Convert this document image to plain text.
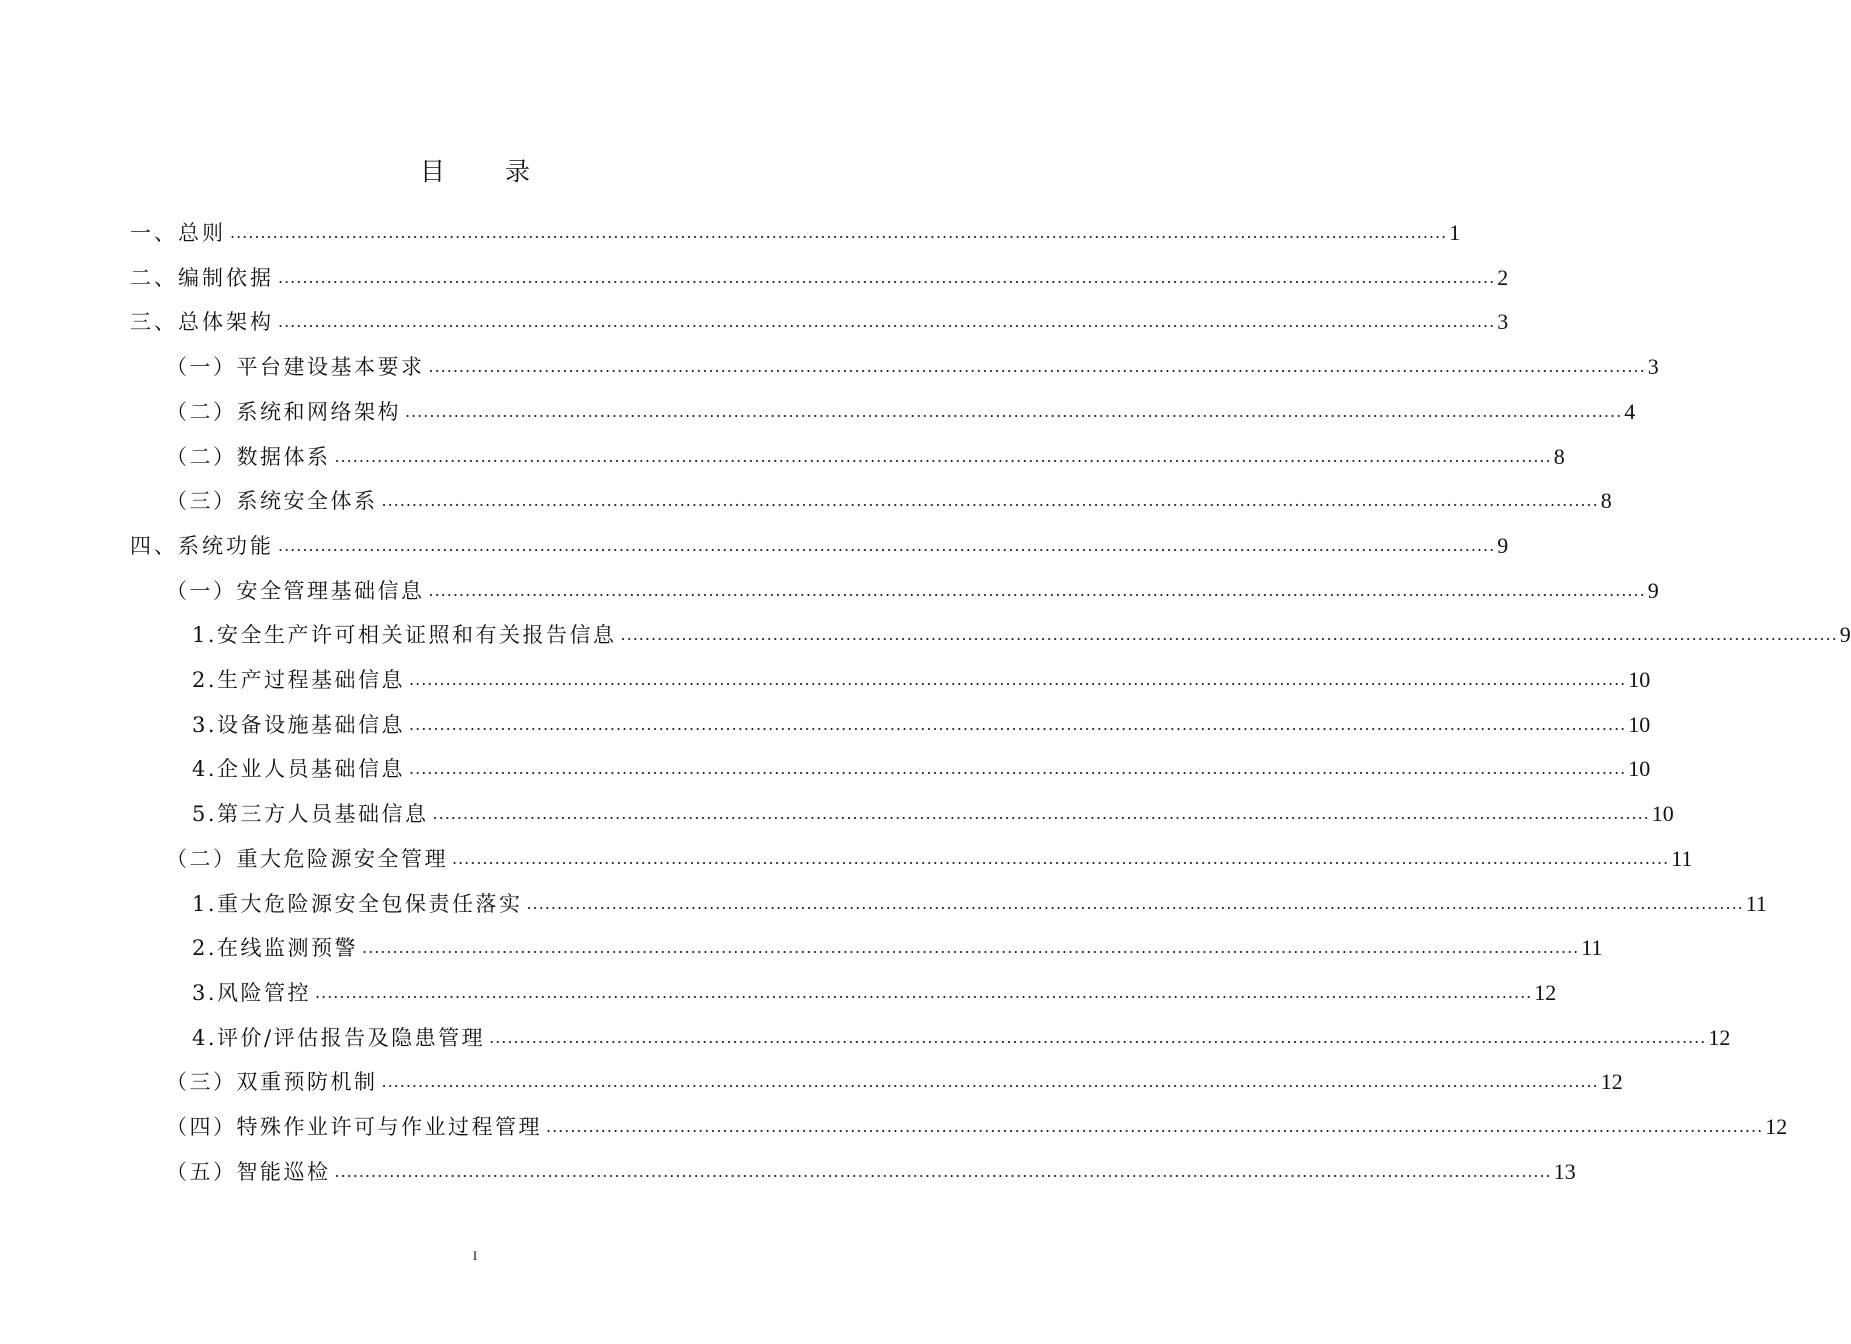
目 录
一、总则 ........................................................................................................................................................................................................ 1
二、编制依据 ........................................................................................................................................................................................................ 2
三、总体架构 ........................................................................................................................................................................................................ 3
（一）平台建设基本要求 ........................................................................................................................................................................................................ 3
（二）系统和网络架构 ........................................................................................................................................................................................................ 4
（二）数据体系 ........................................................................................................................................................................................................ 8
（三）系统安全体系 ........................................................................................................................................................................................................ 8
四、系统功能 ........................................................................................................................................................................................................ 9
（一）安全管理基础信息 ........................................................................................................................................................................................................ 9
1.安全生产许可相关证照和有关报告信息 ........................................................................................................................................................................................................ 9
2.生产过程基础信息 ........................................................................................................................................................................................................ 10
3.设备设施基础信息 ........................................................................................................................................................................................................ 10
4.企业人员基础信息 ........................................................................................................................................................................................................ 10
5.第三方人员基础信息 ........................................................................................................................................................................................................ 10
（二）重大危险源安全管理 ........................................................................................................................................................................................................ 11
1.重大危险源安全包保责任落实 ........................................................................................................................................................................................................ 11
2.在线监测预警 ........................................................................................................................................................................................................ 11
3.风险管控 ........................................................................................................................................................................................................ 12
4.评价/评估报告及隐患管理 ........................................................................................................................................................................................................ 12
（三）双重预防机制 ........................................................................................................................................................................................................ 12
（四）特殊作业许可与作业过程管理 ........................................................................................................................................................................................................ 12
（五）智能巡检 ........................................................................................................................................................................................................ 13
I
